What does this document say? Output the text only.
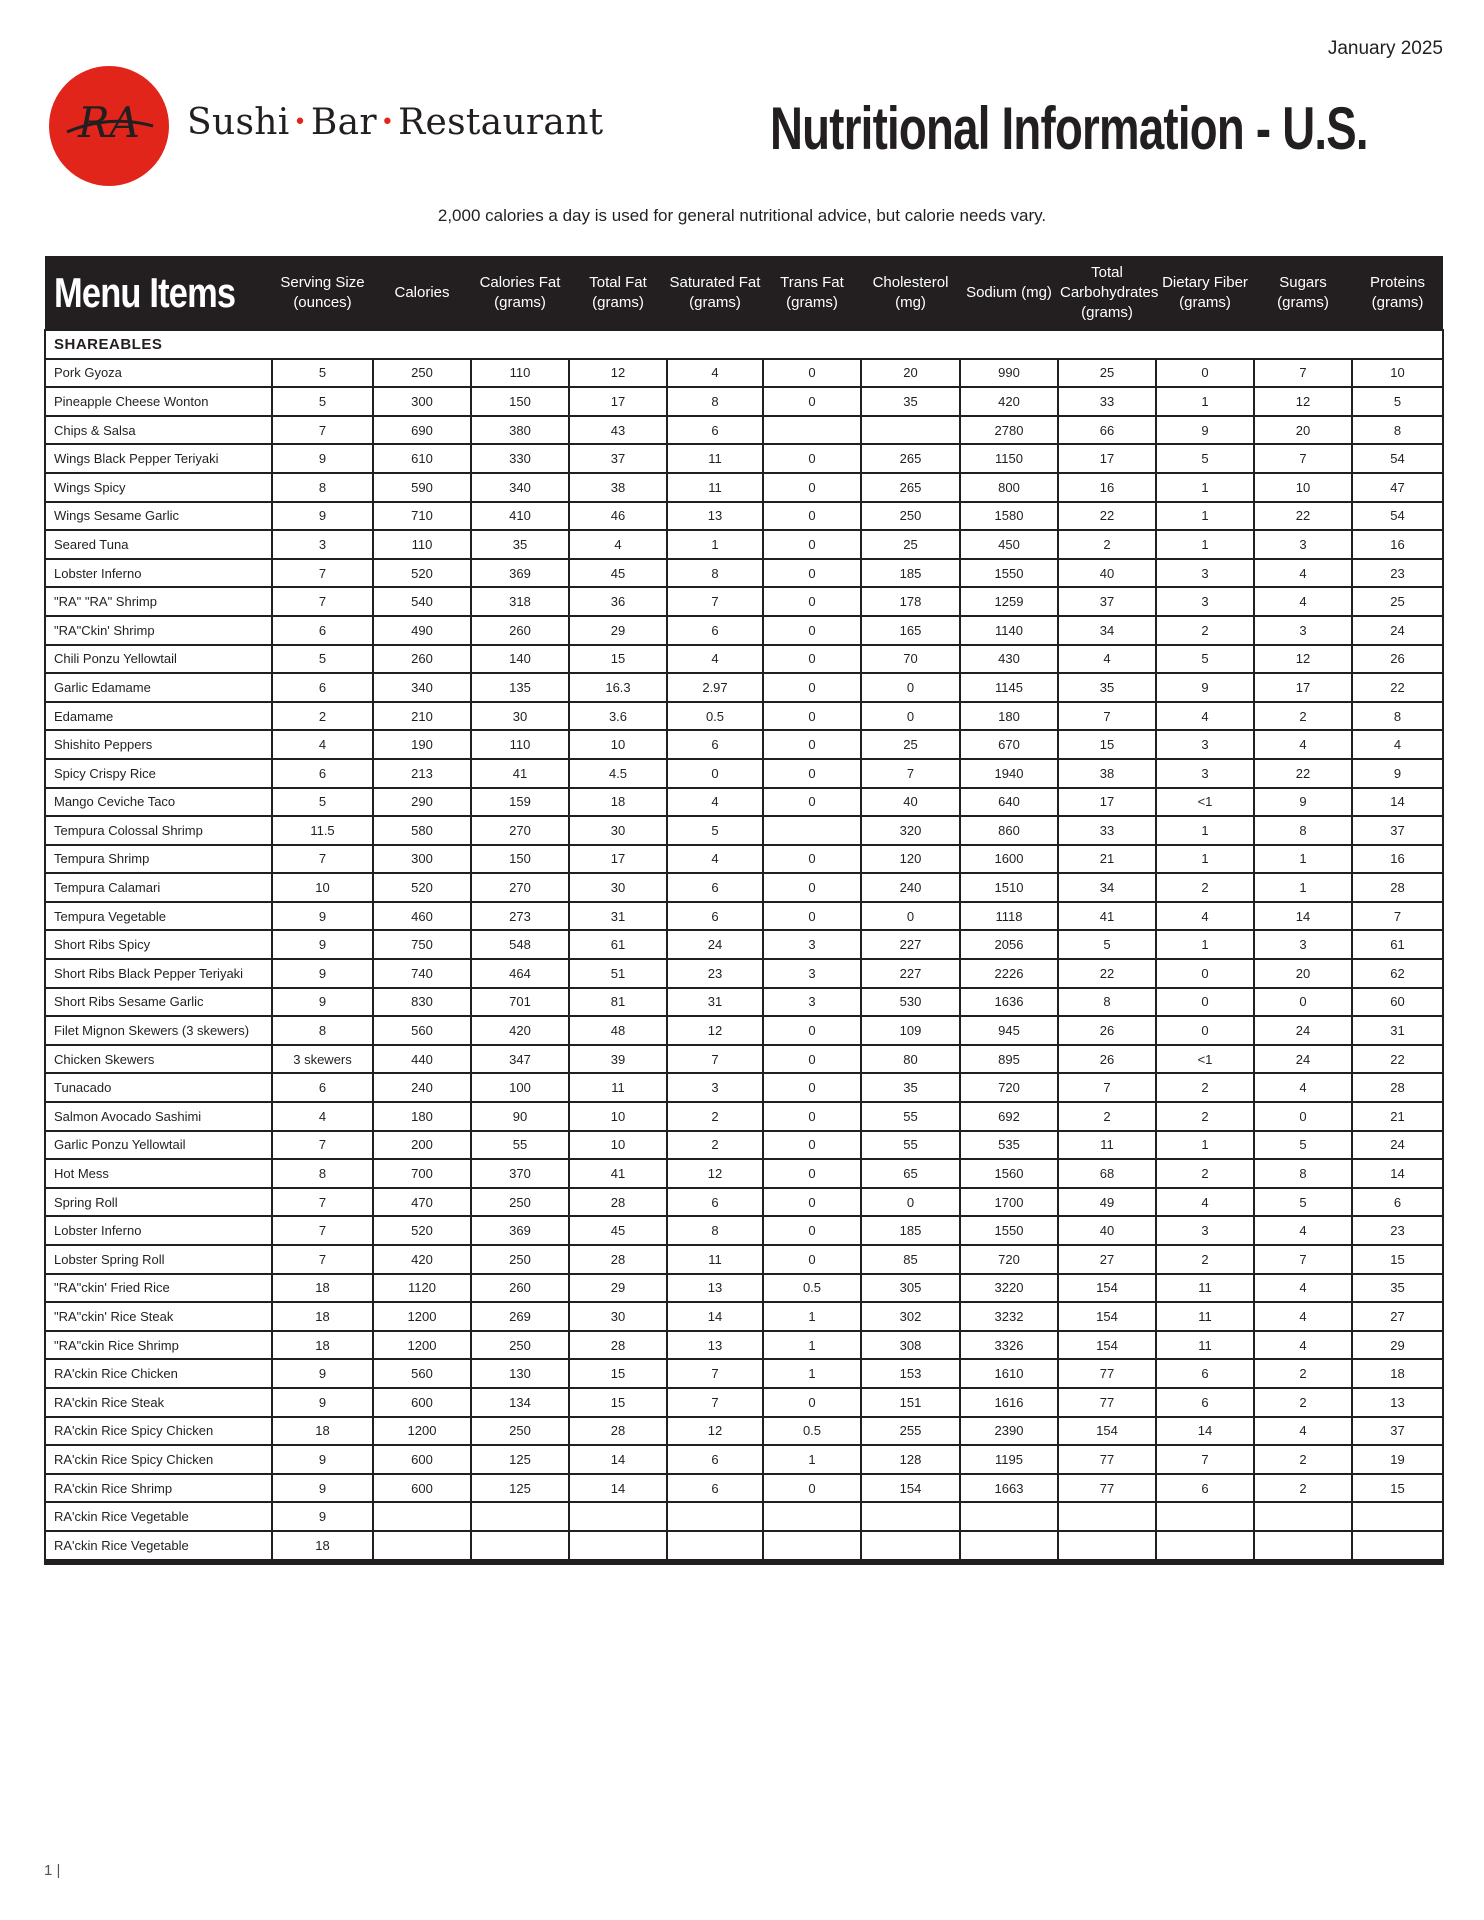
January 2025
RA Sushi • Bar • Restaurant	Nutritional Information - U.S.
2,000 calories a day is used for general nutritional advice, but calorie needs vary.
Menu Items	Serving Size (ounces)	Calories	Calories Fat (grams)	Total Fat (grams)	Saturated Fat (grams)	Trans Fat (grams)	Cholesterol (mg)	Sodium (mg)	Total Carbohydrates (grams)	Dietary Fiber (grams)	Sugars (grams)	Proteins (grams)
SHAREABLES												
Pork Gyoza	5	250	110	12	4	0	20	990	25	0	7	10
Pineapple Cheese Wonton	5	300	150	17	8	0	35	420	33	1	12	5
Chips & Salsa	7	690	380	43	6			2780	66	9	20	8
Wings Black Pepper Teriyaki	9	610	330	37	11	0	265	1150	17	5	7	54
Wings Spicy	8	590	340	38	11	0	265	800	16	1	10	47
Wings Sesame Garlic	9	710	410	46	13	0	250	1580	22	1	22	54
Seared Tuna	3	110	35	4	1	0	25	450	2	1	3	16
Lobster Inferno	7	520	369	45	8	0	185	1550	40	3	4	23
"RA" "RA" Shrimp	7	540	318	36	7	0	178	1259	37	3	4	25
"RA"Ckin' Shrimp	6	490	260	29	6	0	165	1140	34	2	3	24
Chili Ponzu Yellowtail	5	260	140	15	4	0	70	430	4	5	12	26
Garlic Edamame	6	340	135	16.3	2.97	0	0	1145	35	9	17	22
Edamame	2	210	30	3.6	0.5	0	0	180	7	4	2	8
Shishito Peppers	4	190	110	10	6	0	25	670	15	3	4	4
Spicy Crispy Rice	6	213	41	4.5	0	0	7	1940	38	3	22	9
Mango Ceviche Taco	5	290	159	18	4	0	40	640	17	<1	9	14
Tempura Colossal Shrimp	11.5	580	270	30	5		320	860	33	1	8	37
Tempura Shrimp	7	300	150	17	4	0	120	1600	21	1	1	16
Tempura Calamari	10	520	270	30	6	0	240	1510	34	2	1	28
Tempura Vegetable	9	460	273	31	6	0	0	1118	41	4	14	7
Short Ribs Spicy	9	750	548	61	24	3	227	2056	5	1	3	61
Short Ribs Black Pepper Teriyaki	9	740	464	51	23	3	227	2226	22	0	20	62
Short Ribs Sesame Garlic	9	830	701	81	31	3	530	1636	8	0	0	60
Filet Mignon Skewers (3 skewers)	8	560	420	48	12	0	109	945	26	0	24	31
Chicken Skewers	3 skewers	440	347	39	7	0	80	895	26	<1	24	22
Tunacado	6	240	100	11	3	0	35	720	7	2	4	28
Salmon Avocado Sashimi	4	180	90	10	2	0	55	692	2	2	0	21
Garlic Ponzu Yellowtail	7	200	55	10	2	0	55	535	11	1	5	24
Hot Mess	8	700	370	41	12	0	65	1560	68	2	8	14
Spring Roll	7	470	250	28	6	0	0	1700	49	4	5	6
Lobster Inferno	7	520	369	45	8	0	185	1550	40	3	4	23
Lobster Spring Roll	7	420	250	28	11	0	85	720	27	2	7	15
"RA"ckin' Fried Rice	18	1120	260	29	13	0.5	305	3220	154	11	4	35
"RA"ckin' Rice Steak	18	1200	269	30	14	1	302	3232	154	11	4	27
"RA"ckin Rice Shrimp	18	1200	250	28	13	1	308	3326	154	11	4	29
RA'ckin Rice Chicken	9	560	130	15	7	1	153	1610	77	6	2	18
RA'ckin Rice Steak	9	600	134	15	7	0	151	1616	77	6	2	13
RA'ckin Rice Spicy Chicken	18	1200	250	28	12	0.5	255	2390	154	14	4	37
RA'ckin Rice Spicy Chicken	9	600	125	14	6	1	128	1195	77	7	2	19
RA'ckin Rice Shrimp	9	600	125	14	6	0	154	1663	77	6	2	15
RA'ckin Rice Vegetable	9											
RA'ckin Rice Vegetable	18											
1 |
